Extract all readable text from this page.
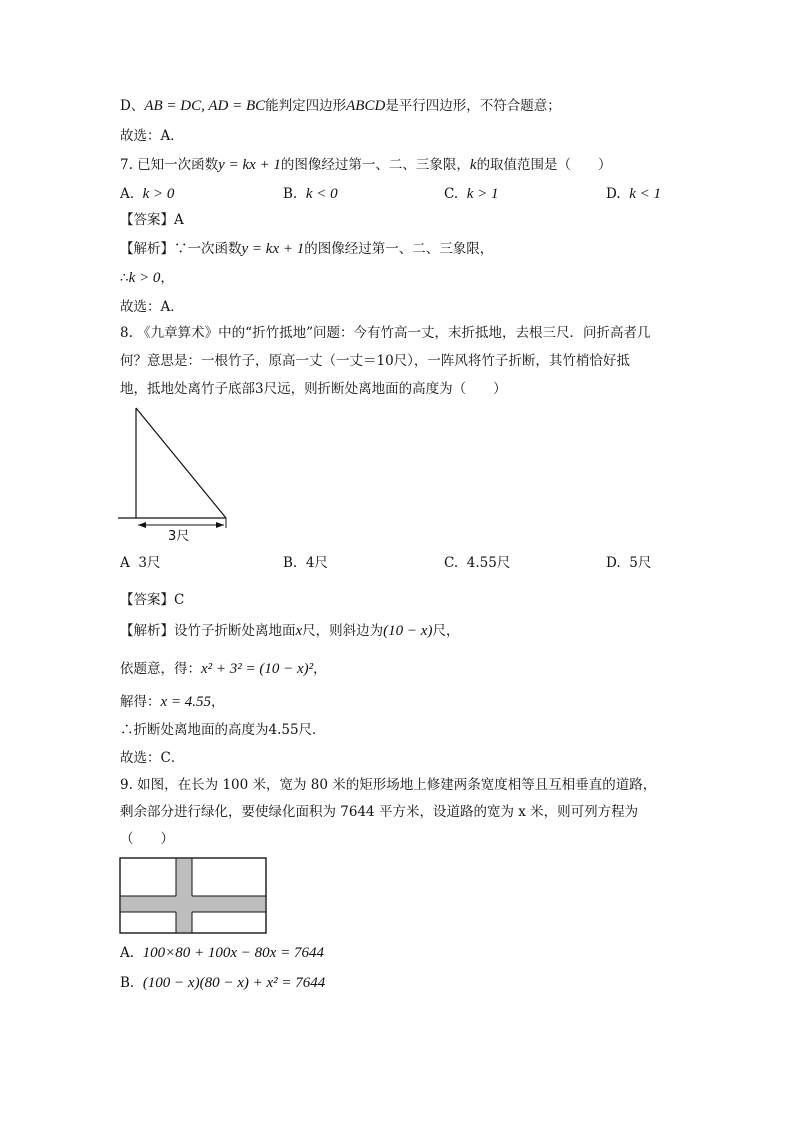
D、AB = DC, AD = BC能判定四边形ABCD是平行四边形，不符合题意；
故选：A．
7. 已知一次函数y = kx + 1的图像经过第一、二、三象限，k的取值范围是（　　）
A. k > 0	B. k < 0	C. k > 1	D. k < 1
【答案】A
【解析】∵一次函数y = kx + 1的图像经过第一、二、三象限，
∴k > 0，
故选：A．
8. 《九章算术》中的“折竹抵地”问题：今有竹高一丈，末折抵地，去根三尺．问折高者几
何？意思是：一根竹子，原高一丈（一丈＝10尺），一阵风将竹子折断，其竹梢恰好抵
地，抵地处离竹子底部3尺远，则折断处离地面的高度为（　　）
3尺
A 3尺	B. 4尺	C. 4.55尺	D. 5尺
【答案】C
【解析】设竹子折断处离地面x尺，则斜边为(10 − x)尺，
依题意，得：x² + 3² = (10 − x)²，
解得：x = 4.55，
∴折断处离地面的高度为4.55尺．
故选：C．
9. 如图，在长为 100 米，宽为 80 米的矩形场地上修建两条宽度相等且互相垂直的道路，
剩余部分进行绿化，要使绿化面积为 7644 平方米，设道路的宽为 x 米，则可列方程为
（　　）
A. 100×80 + 100x − 80x = 7644
B. (100 − x)(80 − x) + x² = 7644
